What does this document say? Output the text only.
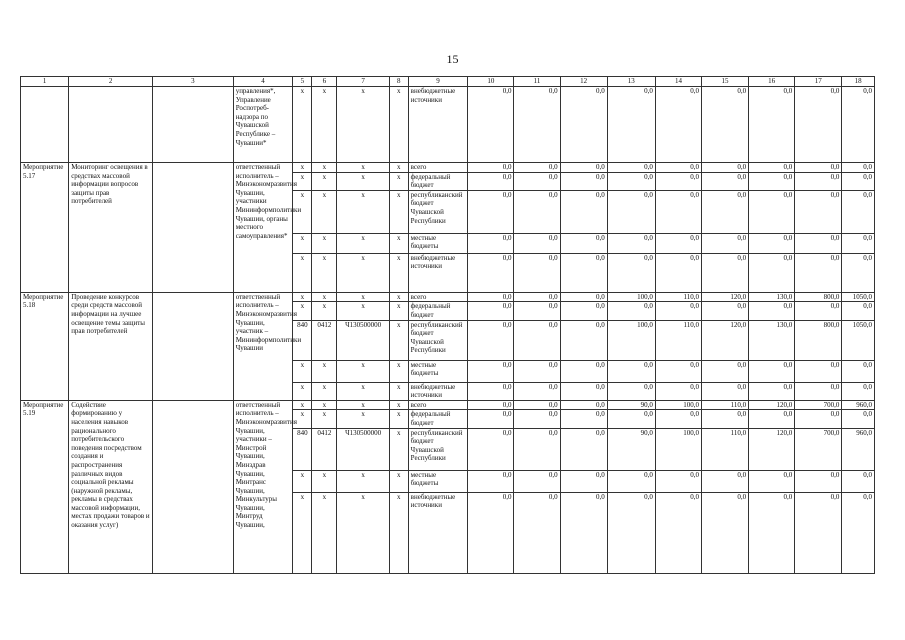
15
1	2	3	4	5	6	7	8	9	10	11	12	13	14	15	16	17	18
			управления*, Управление Роспотреб-надзора по Чувашской Республике – Чувашии*	x	x	x	x	внебюджетные источники	0,0	0,0	0,0	0,0	0,0	0,0	0,0	0,0	0,0
Мероприятие 5.17	Мониторинг освещения в средствах массовой информации вопросов защиты прав потребителей		ответственный исполнитель – Минэкономразвития Чувашии, участники Мининформполитики Чувашии, органы местного самоуправления*	x	x	x	x	всего	0,0	0,0	0,0	0,0	0,0	0,0	0,0	0,0	0,0
				x	x	x	x	федеральный бюджет	0,0	0,0	0,0	0,0	0,0	0,0	0,0	0,0	0,0
				x	x	x	x	республиканский бюджет Чувашской Республики	0,0	0,0	0,0	0,0	0,0	0,0	0,0	0,0	0,0
				x	x	x	x	местные бюджеты	0,0	0,0	0,0	0,0	0,0	0,0	0,0	0,0	0,0
				x	x	x	x	внебюджетные источники	0,0	0,0	0,0	0,0	0,0	0,0	0,0	0,0	0,0
Мероприятие 5.18	Проведение конкурсов среди средств массовой информации на лучшее освещение темы защиты прав потребителей		ответственный исполнитель – Минэкономразвития Чувашии, участник – Мининформполитики Чувашии	x	x	x	x	всего	0,0	0,0	0,0	100,0	110,0	120,0	130,0	800,0	1050,0
				x	x	x	x	федеральный бюджет	0,0	0,0	0,0	0,0	0,0	0,0	0,0	0,0	0,0
				840	0412	Ч130500000	x	республиканский бюджет Чувашской Республики	0,0	0,0	0,0	100,0	110,0	120,0	130,0	800,0	1050,0
				x	x	x	x	местные бюджеты	0,0	0,0	0,0	0,0	0,0	0,0	0,0	0,0	0,0
				x	x	x	x	внебюджетные источники	0,0	0,0	0,0	0,0	0,0	0,0	0,0	0,0	0,0
Мероприятие 5.19	Содействие формированию у населения навыков рационального потребительского поведения посредством создания и распространения различных видов социальной рекламы (наружной рекламы, рекламы в средствах массовой информации, местах продажи товаров и оказания услуг)		ответственный исполнитель – Минэкономразвития Чувашии, участники – Минстрой Чувашии, Минздрав Чувашии, Минтранс Чувашии, Минкультуры Чувашии, Минтруд Чувашии,	x	x	x	x	всего	0,0	0,0	0,0	90,0	100,0	110,0	120,0	700,0	960,0
				x	x	x	x	федеральный бюджет	0,0	0,0	0,0	0,0	0,0	0,0	0,0	0,0	0,0
				840	0412	Ч130500000	x	республиканский бюджет Чувашской Республики	0,0	0,0	0,0	90,0	100,0	110,0	120,0	700,0	960,0
				x	x	x	x	местные бюджеты	0,0	0,0	0,0	0,0	0,0	0,0	0,0	0,0	0,0
				x	x	x	x	внебюджетные источники	0,0	0,0	0,0	0,0	0,0	0,0	0,0	0,0	0,0
